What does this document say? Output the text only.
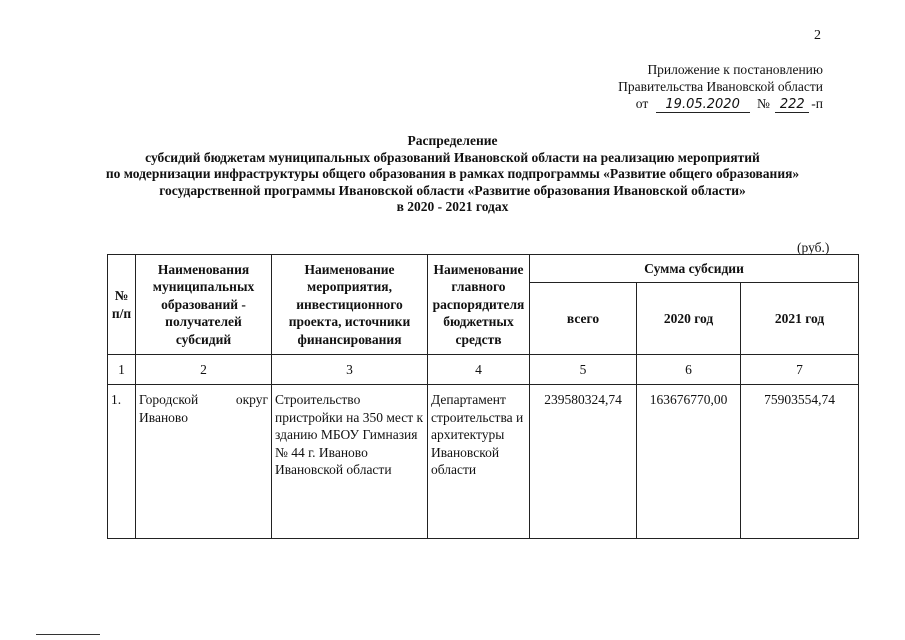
2
Приложение к постановлению
Правительства Ивановской области
от 19.05.2020 № 222 -п
Распределение
субсидий бюджетам муниципальных образований Ивановской области на реализацию мероприятий
по модернизации инфраструктуры общего образования в рамках подпрограммы «Развитие общего образования»
государственной программы Ивановской области «Развитие образования Ивановской области»
в 2020 - 2021 годах
(руб.)
№ п/п	Наименования муниципальных образований - получателей субсидий	Наименование мероприятия, инвестиционного проекта, источники финансирования	Наименование главного распорядителя бюджетных средств	Сумма субсидии		
				всего	2020 год	2021 год
1	2	3	4	5	6	7
1.	Городской округ Иваново	Строительство пристройки на 350 мест к зданию МБОУ Гимназия № 44 г. Иваново Ивановской области	Департамент строительства и архитектуры Ивановской области	239580324,74	163676770,00	75903554,74
